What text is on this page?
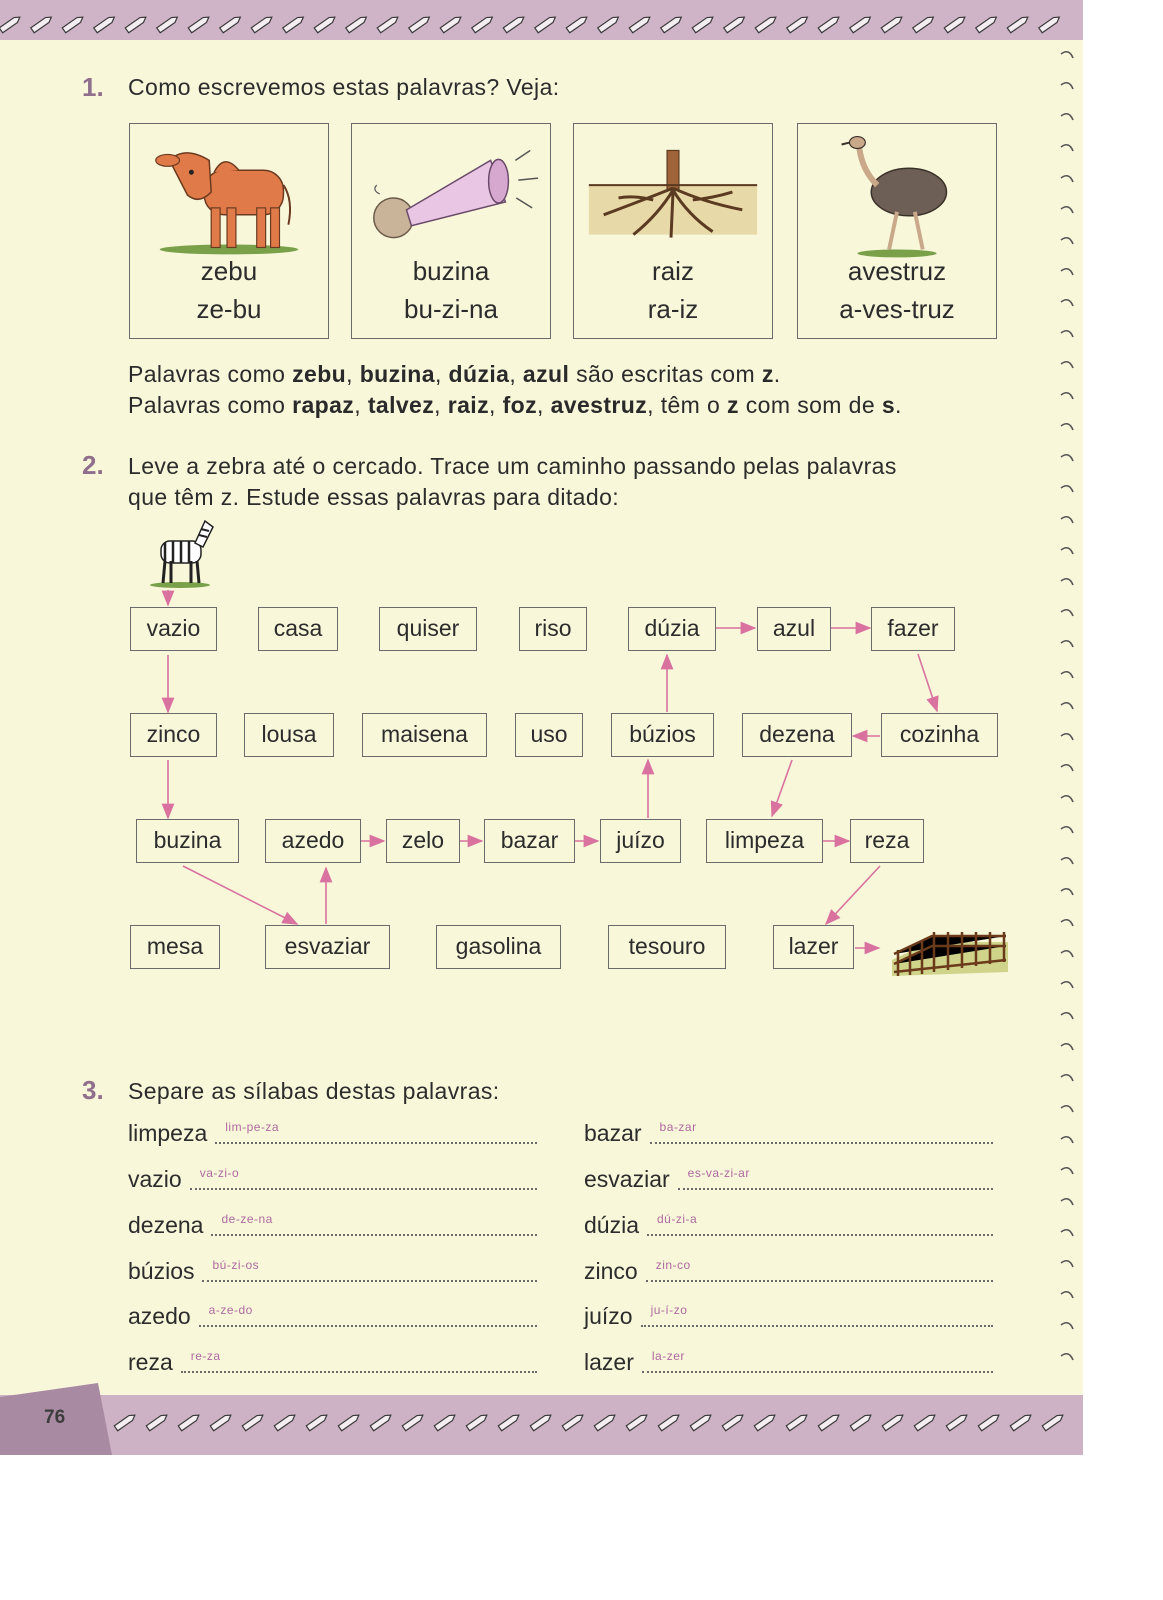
1. Como escrevemos estas palavras? Veja:
zebu
ze-bu
buzina
bu-zi-na
raiz
ra-iz
avestruz
a-ves-truz
Palavras como zebu, buzina, dúzia, azul são escritas com z.
Palavras como rapaz, talvez, raiz, foz, avestruz, têm o z com som de s.
2. Leve a zebra até o cercado. Trace um caminho passando pelas palavras
que têm z. Estude essas palavras para ditado:
vazio	casa	quiser	riso	dúzia	azul	fazer
zinco	lousa	maisena	uso	búzios	dezena	cozinha
buzina	azedo	zelo	bazar	juízo	limpeza	reza
mesa	esvaziar	gasolina	tesouro	lazer
3. Separe as sílabas destas palavras:
limpeza lim-pe-za	bazar ba-zar
vazio va-zi-o	esvaziar es-va-zi-ar
dezena de-ze-na	dúzia dú-zi-a
búzios bú-zi-os	zinco zin-co
azedo a-ze-do	juízo ju-í-zo
reza re-za	lazer la-zer
76
